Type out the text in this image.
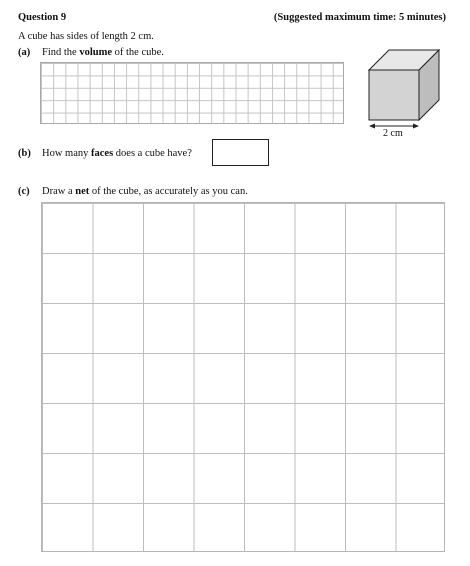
Question 9	(Suggested maximum time: 5 minutes)
A cube has sides of length 2 cm.
(a) Find the volume of the cube.
2 cm
(b) How many faces does a cube have?
(c) Draw a net of the cube, as accurately as you can.
